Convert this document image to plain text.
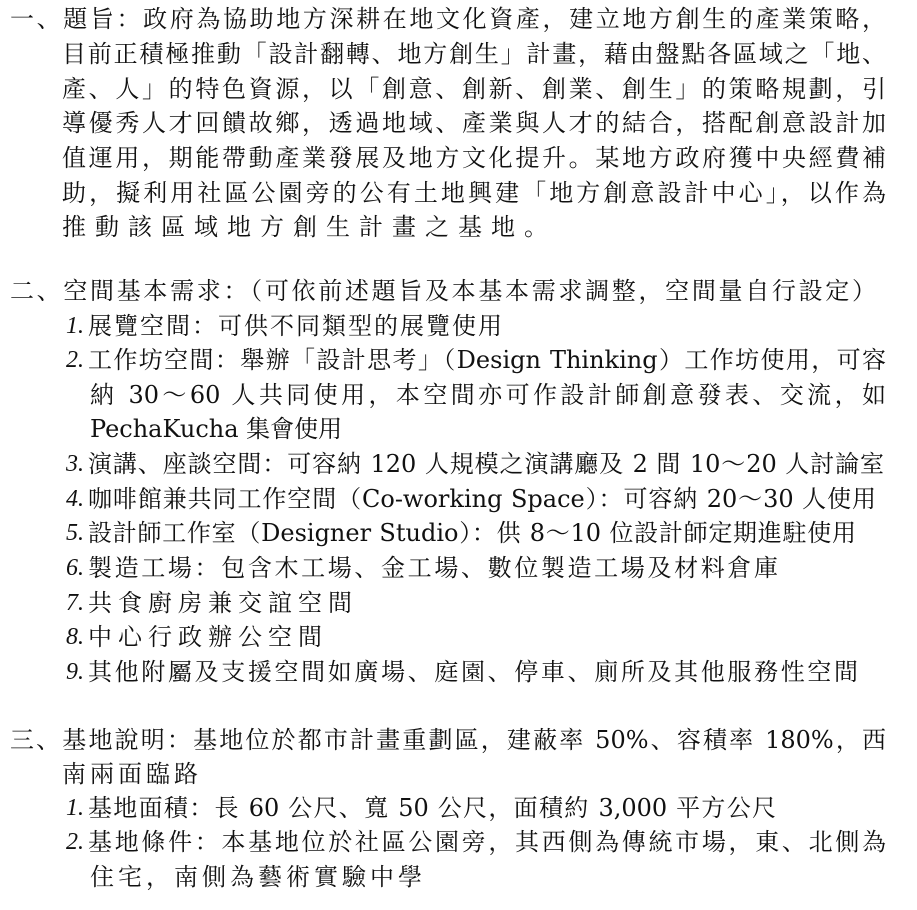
一、題旨：政府為協助地方深耕在地文化資產，建立地方創生的產業策略，
目前正積極推動「設計翻轉、地方創生」計畫，藉由盤點各區域之「地、
產、人」的特色資源，以「創意、創新、創業、創生」的策略規劃，引
導優秀人才回饋故鄉，透過地域、產業與人才的結合，搭配創意設計加
值運用，期能帶動產業發展及地方文化提升。某地方政府獲中央經費補
助，擬利用社區公園旁的公有土地興建「地方創意設計中心」，以作為
推動該區域地方創生計畫之基地。
二、空間基本需求：（可依前述題旨及本基本需求調整，空間量自行設定）
1. 展覽空間：可供不同類型的展覽使用
2. 工作坊空間：舉辦「設計思考」（Design Thinking）工作坊使用，可容
納 30～60 人共同使用，本空間亦可作設計師創意發表、交流，如
PechaKucha 集會使用
3. 演講、座談空間：可容納 120 人規模之演講廳及 2 間 10～20 人討論室
4. 咖啡館兼共同工作空間（Co-working Space）：可容納 20～30 人使用
5. 設計師工作室（Designer Studio）：供 8～10 位設計師定期進駐使用
6. 製造工場：包含木工場、金工場、數位製造工場及材料倉庫
7. 共食廚房兼交誼空間
8. 中心行政辦公空間
9. 其他附屬及支援空間如廣場、庭園、停車、廁所及其他服務性空間
三、基地說明：基地位於都市計畫重劃區，建蔽率 50%、容積率 180%，西
南兩面臨路
1. 基地面積：長 60 公尺、寬 50 公尺，面積約 3,000 平方公尺
2. 基地條件：本基地位於社區公園旁，其西側為傳統市場，東、北側為
住宅，南側為藝術實驗中學
